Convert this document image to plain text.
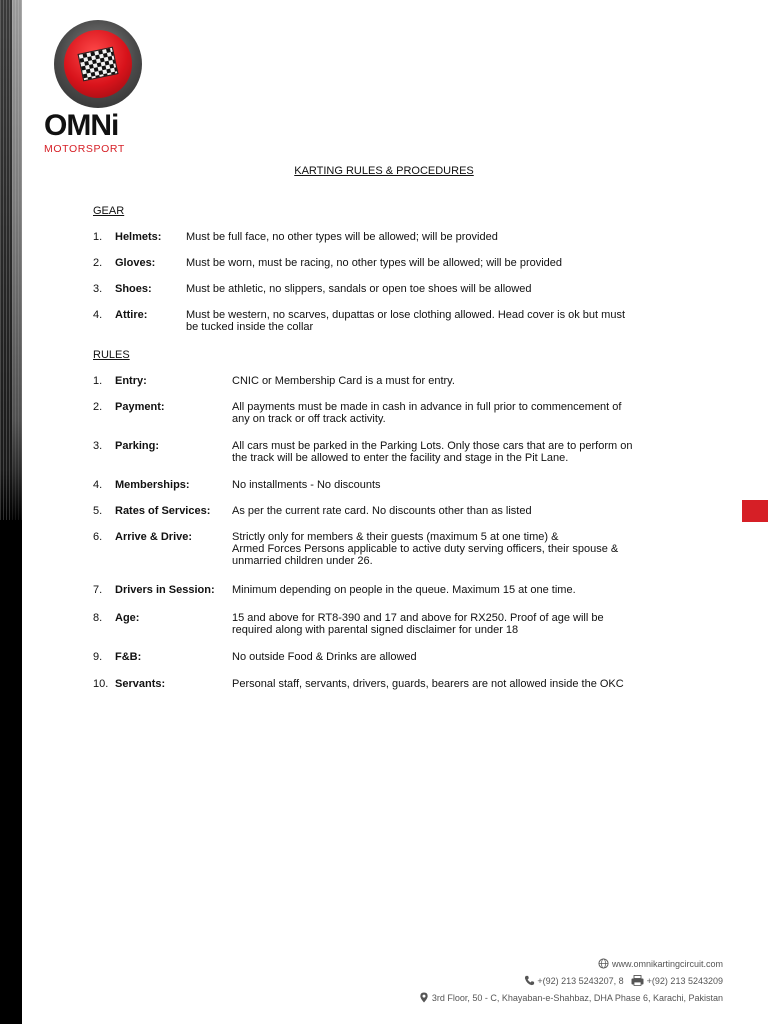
OMNi
MOTORSPORT
KARTING RULES & PROCEDURES
GEAR
1.	Helmets: Must be full face, no other types will be allowed; will be provided
2.	Gloves:	Must be worn, must be racing, no other types will be allowed; will be provided
3.	Shoes:	Must be athletic, no slippers, sandals or open toe shoes will be allowed
4.	Attire:	Must be western, no scarves, dupattas or lose clothing allowed. Head cover is ok but must
be tucked inside the collar
RULES
1.	Entry:	CNIC or Membership Card is a must for entry.
2.	Payment:	All payments must be made in cash in advance in full prior to commencement of
any on track or off track activity.
3.	Parking:	All cars must be parked in the Parking Lots. Only those cars that are to perform on
the track will be allowed to enter the facility and stage in the Pit Lane.
4.	Memberships:	No installments - No discounts
5.	Rates of Services: As per the current rate card. No discounts other than as listed
6.	Arrive & Drive:	Strictly only for members & their guests (maximum 5 at one time) &
Armed Forces Persons applicable to active duty serving officers, their spouse &
unmarried children under 26.
7.	Drivers in Session: Minimum depending on people in the queue. Maximum 15 at one time.
8.	Age:	15 and above for RT8-390 and 17 and above for RX250. Proof of age will be
required along with parental signed disclaimer for under 18
9.	F&B:	No outside Food & Drinks are allowed
10. Servants:	Personal staff, servants, drivers, guards, bearers are not allowed inside the OKC
www.omnikartingcircuit.com
+(92) 213 5243207, 8	+(92) 213 5243209
3rd Floor, 50 - C, Khayaban-e-Shahbaz, DHA Phase 6, Karachi, Pakistan
